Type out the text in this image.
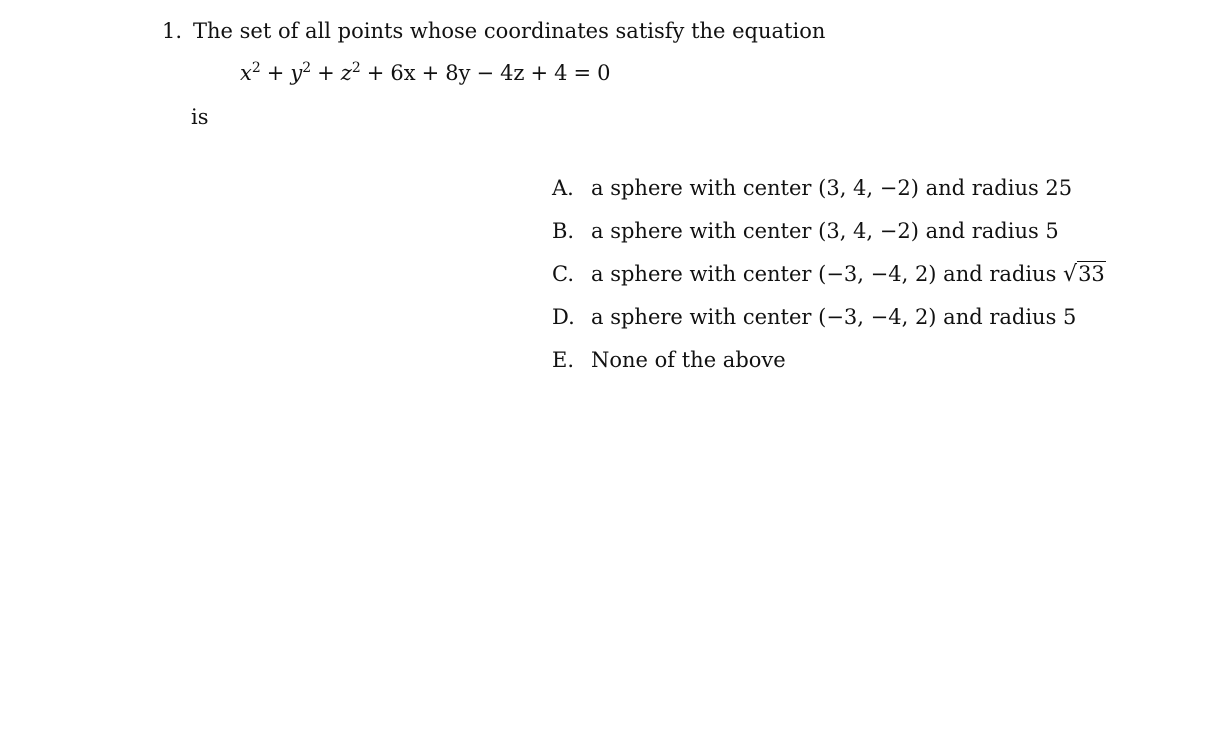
1. The set of all points whose coordinates satisfy the equation
$x^2 + y^2 + z^2 + 6x + 8y - 4z + 4 = 0$
is
A. a sphere with center (3, 4, −2) and radius 25
B. a sphere with center (3, 4, −2) and radius 5
C. a sphere with center (−3, −4, 2) and radius √33
D. a sphere with center (−3, −4, 2) and radius 5
E. None of the above
